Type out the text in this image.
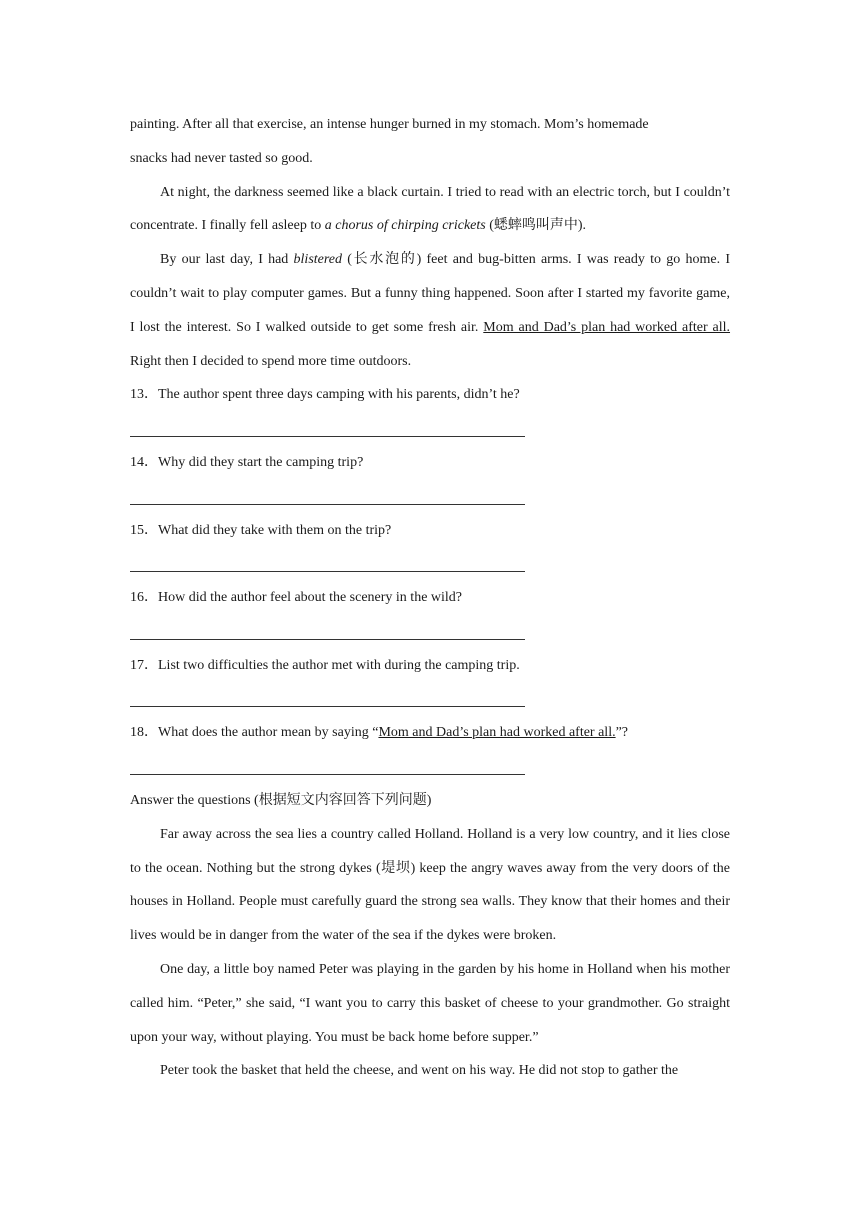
painting. After all that exercise, an intense hunger burned in my stomach. Mom’s homemade

snacks had never tasted so good.

At night, the darkness seemed like a black curtain. I tried to read with an electric torch, but I couldn’t concentrate. I finally fell asleep to a chorus of chirping crickets (蟋蟀鸣叫声中).

By our last day, I had blistered (长水泡的) feet and bug-bitten arms. I was ready to go home. I couldn’t wait to play computer games. But a funny thing happened. Soon after I started my favorite game, I lost the interest. So I walked outside to get some fresh air. Mom and Dad’s plan had worked after all. Right then I decided to spend more time outdoors.

13．The author spent three days camping with his parents, didn’t he?

14．Why did they start the camping trip?

15．What did they take with them on the trip?

16．How did the author feel about the scenery in the wild?

17．List two difficulties the author met with during the camping trip.

18．What does the author mean by saying “Mom and Dad’s plan had worked after all.”?

Answer the questions (根据短文内容回答下列问题)

Far away across the sea lies a country called Holland. Holland is a very low country, and it lies close to the ocean. Nothing but the strong dykes (堤坝) keep the angry waves away from the very doors of the houses in Holland. People must carefully guard the strong sea walls. They know that their homes and their lives would be in danger from the water of the sea if the dykes were broken.

One day, a little boy named Peter was playing in the garden by his home in Holland when his mother called him. “Peter,” she said, “I want you to carry this basket of cheese to your grandmother. Go straight upon your way, without playing. You must be back home before supper.”

Peter took the basket that held the cheese, and went on his way. He did not stop to gather the
